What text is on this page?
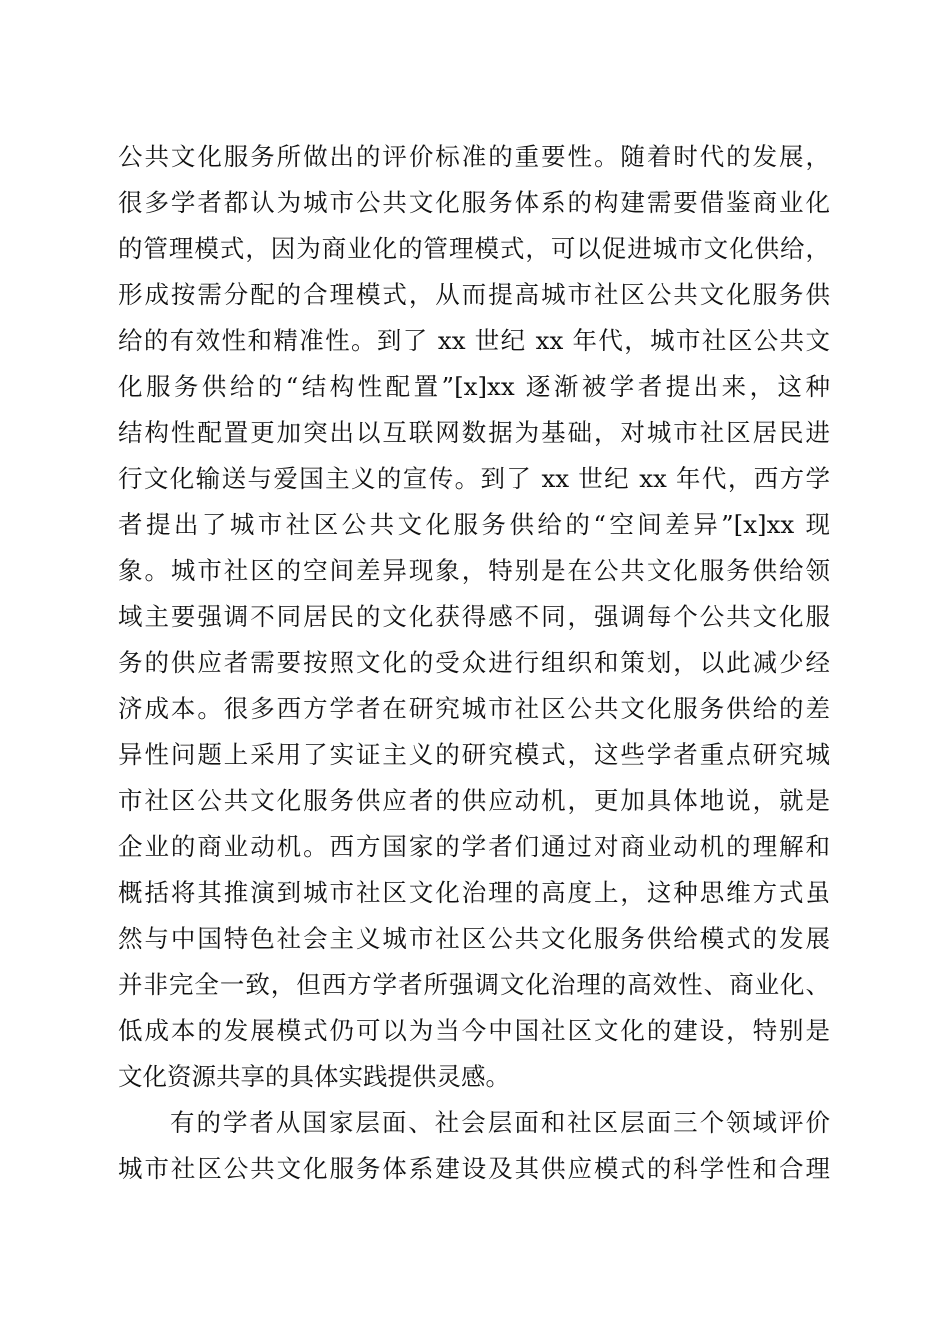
公共文化服务所做出的评价标准的重要性。随着时代的发展，
很多学者都认为城市公共文化服务体系的构建需要借鉴商业化
的管理模式，因为商业化的管理模式，可以促进城市文化供给，
形成按需分配的合理模式，从而提高城市社区公共文化服务供
给的有效性和精准性。到了 xx 世纪 xx 年代，城市社区公共文
化服务供给的“结构性配置”[x]xx 逐渐被学者提出来，这种
结构性配置更加突出以互联网数据为基础，对城市社区居民进
行文化输送与爱国主义的宣传。到了 xx 世纪 xx 年代，西方学
者提出了城市社区公共文化服务供给的“空间差异”[x]xx 现
象。城市社区的空间差异现象，特别是在公共文化服务供给领
域主要强调不同居民的文化获得感不同，强调每个公共文化服
务的供应者需要按照文化的受众进行组织和策划，以此减少经
济成本。很多西方学者在研究城市社区公共文化服务供给的差
异性问题上采用了实证主义的研究模式，这些学者重点研究城
市社区公共文化服务供应者的供应动机，更加具体地说，就是
企业的商业动机。西方国家的学者们通过对商业动机的理解和
概括将其推演到城市社区文化治理的高度上，这种思维方式虽
然与中国特色社会主义城市社区公共文化服务供给模式的发展
并非完全一致，但西方学者所强调文化治理的高效性、商业化、
低成本的发展模式仍可以为当今中国社区文化的建设，特别是
文化资源共享的具体实践提供灵感。
有的学者从国家层面、社会层面和社区层面三个领域评价
城市社区公共文化服务体系建设及其供应模式的科学性和合理
